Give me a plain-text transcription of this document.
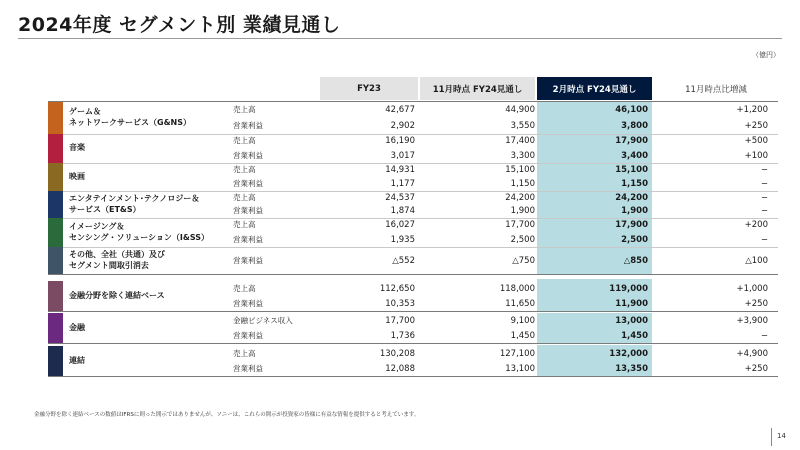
2024年度 セグメント別 業績見通し
（億円）
FY23	11月時点 FY24見通し	2月時点 FY24見通し	11月時点比増減
ゲーム＆
ネットワークサービス（G&NS）
売上高	42,677	44,900	46,100	+1,200
営業利益	2,902	3,550	3,800	+250
音楽
売上高	16,190	17,400	17,900	+500
営業利益	3,017	3,300	3,400	+100
映画
売上高	14,931	15,100	15,100	−
営業利益	1,177	1,150	1,150	−
エンタテインメント･テクノロジー＆
サービス（ET&S）
売上高	24,537	24,200	24,200	−
営業利益	1,874	1,900	1,900	−
イメージング＆
センシング・ソリューション（I&SS）
売上高	16,027	17,700	17,900	+200
営業利益	1,935	2,500	2,500	−
その他、全社（共通）及び
セグメント間取引消去	営業利益	△552	△750	△850	△100
金融分野を除く連結ベース
売上高	112,650	118,000	119,000	+1,000
営業利益	10,353	11,650	11,900	+250
金融
金融ビジネス収入	17,700	9,100	13,000	+3,900
営業利益	1,736	1,450	1,450	−
連結
売上高	130,208	127,100	132,000	+4,900
営業利益	12,088	13,100	13,350	+250
金融分野を除く連結ベースの数値はIFRSに則った開示ではありませんが、ソニーは、これらの開示が投資家の皆様に有益な情報を提供すると考えています。
14
